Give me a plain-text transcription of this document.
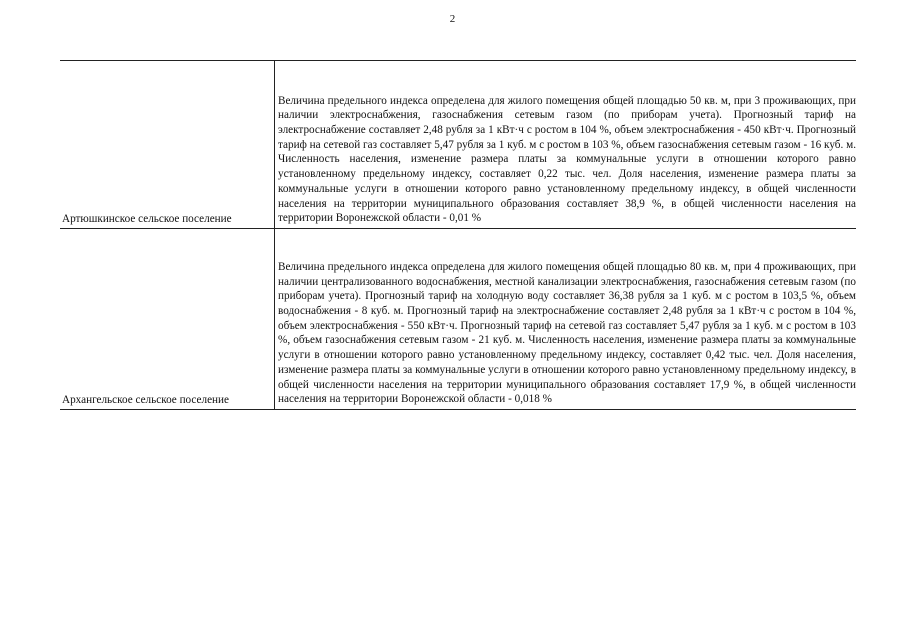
2
Артюшкинское сельское поселение
Величина предельного индекса определена для жилого помещения общей площадью 50 кв. м, при 3 проживающих, при наличии электроснабжения, газоснабжения сетевым газом (по приборам учета). Прогнозный тариф на электроснабжение составляет 2,48 рубля за 1 кВт·ч с ростом в 104 %, объем электроснабжения - 450 кВт·ч. Прогнозный тариф на сетевой газ составляет 5,47 рубля за 1 куб. м с ростом в 103 %, объем газоснабжения сетевым газом - 16 куб. м. Численность населения, изменение размера платы за коммунальные услуги в отношении которого равно установленному предельному индексу, составляет 0,22 тыс. чел. Доля населения, изменение размера платы за коммунальные услуги в отношении которого равно установленному предельному индексу, в общей численности населения на территории муниципального образования составляет 38,9 %, в общей численности населения на территории Воронежской области - 0,01 %
Архангельское сельское поселение
Величина предельного индекса определена для жилого помещения общей площадью 80 кв. м, при 4 проживающих, при наличии централизованного водоснабжения, местной канализации электроснабжения, газоснабжения сетевым газом (по приборам учета). Прогнозный тариф на холодную воду составляет 36,38 рубля за 1 куб. м с ростом в 103,5 %, объем водоснабжения - 8 куб. м. Прогнозный тариф на электроснабжение составляет 2,48 рубля за 1 кВт·ч с ростом в 104 %, объем электроснабжения - 550 кВт·ч. Прогнозный тариф на сетевой газ составляет 5,47 рубля за 1 куб. м с ростом в 103 %, объем газоснабжения сетевым газом - 21 куб. м. Численность населения, изменение размера платы за коммунальные услуги в отношении которого равно установленному предельному индексу, составляет 0,42 тыс. чел. Доля населения, изменение размера платы за коммунальные услуги в отношении которого равно установленному предельному индексу, в общей численности населения на территории муниципального образования составляет 17,9 %, в общей численности населения на территории Воронежской области - 0,018 %
